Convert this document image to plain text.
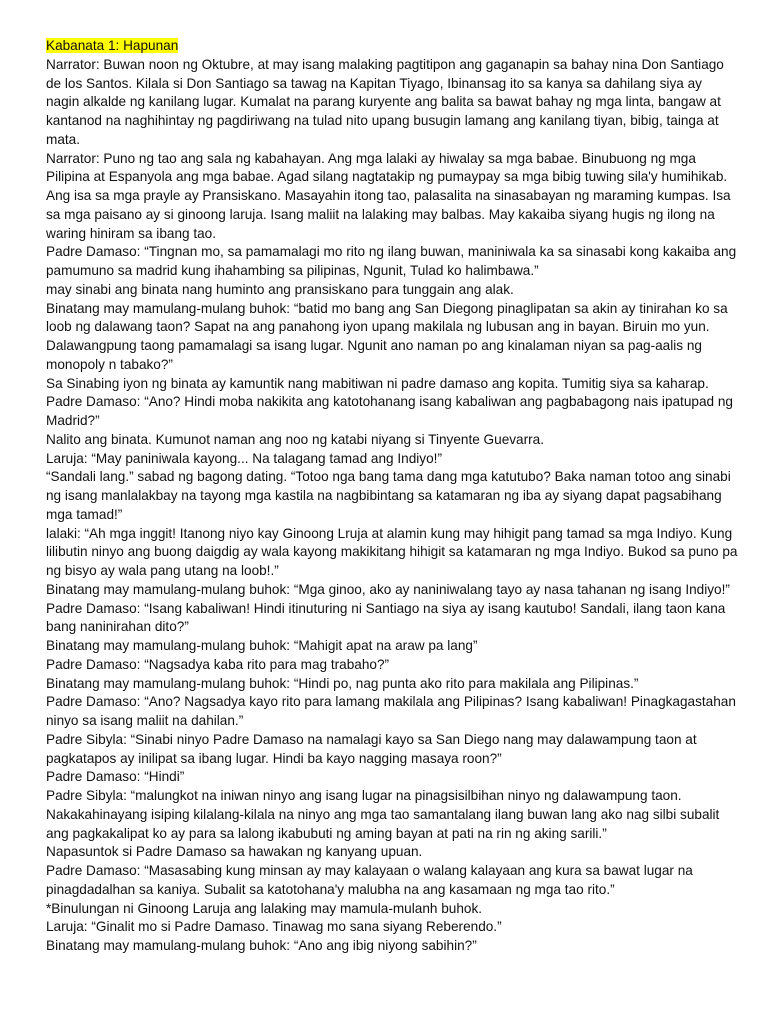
Kabanata 1: Hapunan

Narrator: Buwan noon ng Oktubre, at may isang malaking pagtitipon ang gaganapin sa bahay nina Don Santiago de los Santos. Kilala si Don Santiago sa tawag na Kapitan Tiyago, Ibinansag ito sa kanya sa dahilang siya ay nagin alkalde ng kanilang lugar. Kumalat na parang kuryente ang balita sa bawat bahay ng mga linta, bangaw at kantanod na naghihintay ng pagdiriwang na tulad nito upang busugin lamang ang kanilang tiyan, bibig, tainga at mata.

Narrator: Puno ng tao ang sala ng kabahayan. Ang mga lalaki ay hiwalay sa mga babae. Binubuong ng mga Pilipina at Espanyola ang mga babae. Agad silang nagtatakip ng pumaypay sa mga bibig tuwing sila'y humihikab. Ang isa sa mga prayle ay Pransiskano. Masayahin itong tao, palasalita na sinasabayan ng maraming kumpas. Isa sa mga paisano ay si ginoong laruja. Isang maliit na lalaking may balbas. May kakaiba siyang hugis ng ilong na waring hiniram sa ibang tao.

Padre Damaso: “Tingnan mo, sa pamamalagi mo rito ng ilang buwan, maniniwala ka sa sinasabi kong kakaiba ang pamumuno sa madrid kung ihahambing sa pilipinas, Ngunit, Tulad ko halimbawa.”

may sinabi ang binata nang huminto ang pransiskano para tunggain ang alak.

Binatang may mamulang-mulang buhok: “batid mo bang ang San Diegong pinaglipatan sa akin ay tinirahan ko sa loob ng dalawang taon? Sapat na ang panahong iyon upang makilala ng lubusan ang in bayan. Biruin mo yun. Dalawangpung taong pamamalagi sa isang lugar. Ngunit ano naman po ang kinalaman niyan sa pag-aalis ng monopoly n tabako?”

Sa Sinabing iyon ng binata ay kamuntik nang mabitiwan ni padre damaso ang kopita. Tumitig siya sa kaharap.

Padre Damaso: “Ano? Hindi moba nakikita ang katotohanang isang kabaliwan ang pagbabagong nais ipatupad ng Madrid?”

Nalito ang binata. Kumunot naman ang noo ng katabi niyang si Tinyente Guevarra.

Laruja: “May paniniwala kayong... Na talagang tamad ang Indiyo!”

“Sandali lang.” sabad ng bagong dating. “Totoo nga bang tama dang mga katutubo? Baka naman totoo ang sinabi ng isang manlalakbay na tayong mga kastila na nagbibintang sa katamaran ng iba ay siyang dapat pagsabihang mga tamad!”

lalaki: “Ah mga inggit! Itanong niyo kay Ginoong Lruja at alamin kung may hihigit pang tamad sa mga Indiyo. Kung lilibutin ninyo ang buong daigdig ay wala kayong makikitang hihigit sa katamaran ng mga Indiyo. Bukod sa puno pa ng bisyo ay wala pang utang na loob!.”

Binatang may mamulang-mulang buhok: “Mga ginoo, ako ay naniniwalang tayo ay nasa tahanan ng isang Indiyo!”

Padre Damaso: “Isang kabaliwan! Hindi itinuturing ni Santiago na siya ay isang kautubo! Sandali, ilang taon kana bang naninirahan dito?”

Binatang may mamulang-mulang buhok: “Mahigit apat na araw pa lang”

Padre Damaso: “Nagsadya kaba rito para mag trabaho?”

Binatang may mamulang-mulang buhok: “Hindi po, nag punta ako rito para makilala ang Pilipinas.”

Padre Damaso: “Ano? Nagsadya kayo rito para lamang makilala ang Pilipinas? Isang kabaliwan! Pinagkagastahan ninyo sa isang maliit na dahilan.”

Padre Sibyla: “Sinabi ninyo Padre Damaso na namalagi kayo sa San Diego nang may dalawampung taon at pagkatapos ay inilipat sa ibang lugar. Hindi ba kayo nagging masaya roon?”

Padre Damaso: “Hindi”

Padre Sibyla: “malungkot na iniwan ninyo ang isang lugar na pinagsisilbihan ninyo ng dalawampung taon. Nakakahinayang isiping kilalang-kilala na ninyo ang mga tao samantalang ilang buwan lang ako nag silbi subalit ang pagkakalipat ko ay para sa lalong ikabubuti ng aming bayan at pati na rin ng aking sarili.”

Napasuntok si Padre Damaso sa hawakan ng kanyang upuan.

Padre Damaso: “Masasabing kung minsan ay may kalayaan o walang kalayaan ang kura sa bawat lugar na pinagdadalhan sa kaniya. Subalit sa katotohana'y malubha na ang kasamaan ng mga tao rito.”

*Binulungan ni Ginoong Laruja ang lalaking may mamula-mulanh buhok.

Laruja: “Ginalit mo si Padre Damaso. Tinawag mo sana siyang Reberendo.”

Binatang may mamulang-mulang buhok: “Ano ang ibig niyong sabihin?”
